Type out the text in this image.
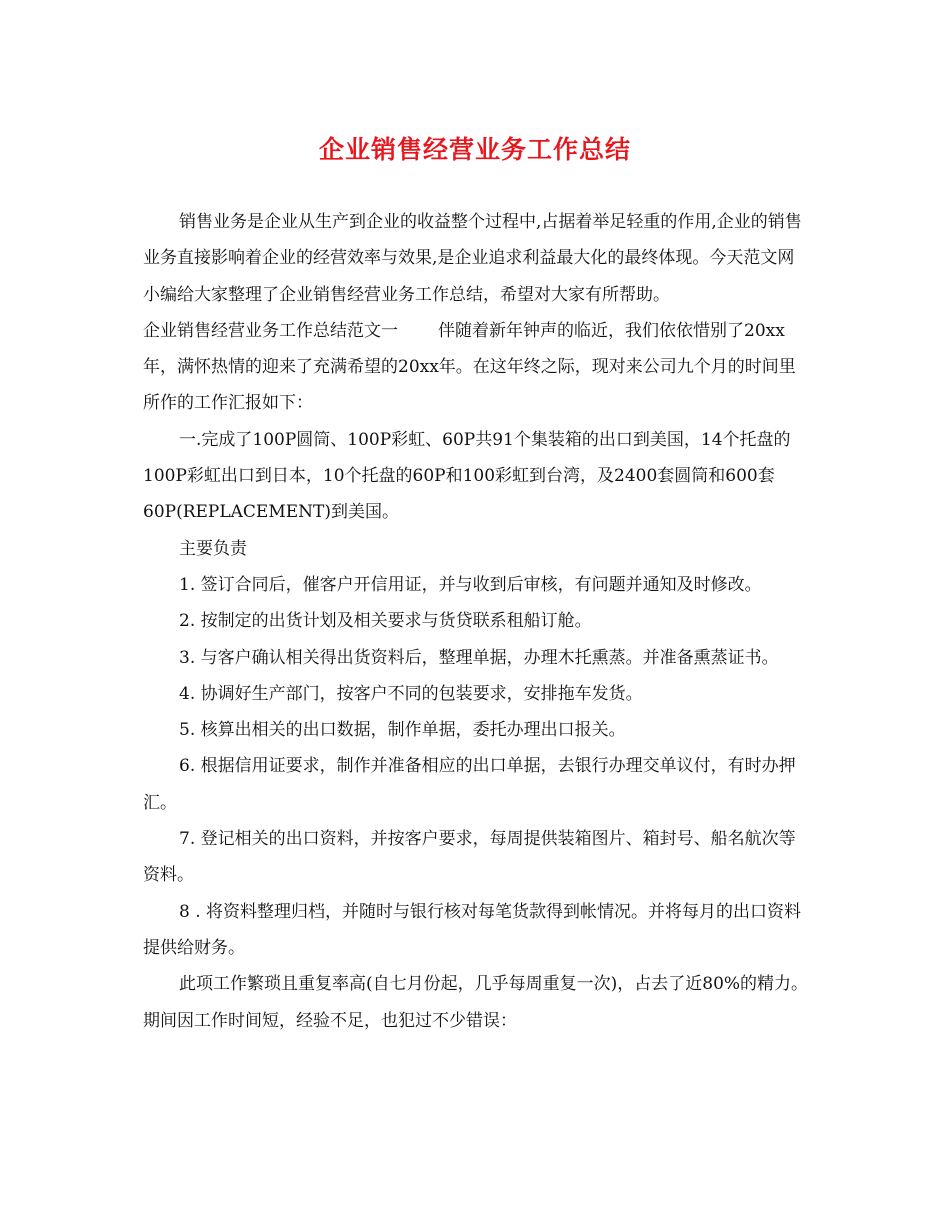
企业销售经营业务工作总结

销售业务是企业从生产到企业的收益整个过程中,占据着举足轻重的作用,企业的销售业务直接影响着企业的经营效率与效果,是企业追求利益最大化的最终体现。今天范文网小编给大家整理了企业销售经营业务工作总结，希望对大家有所帮助。

企业销售经营业务工作总结范文一 伴随着新年钟声的临近，我们依依惜别了20xx年，满怀热情的迎来了充满希望的20xx年。在这年终之际，现对来公司九个月的时间里所作的工作汇报如下：

一.完成了100P圆筒、100P彩虹、60P共91个集装箱的出口到美国，14个托盘的100P彩虹出口到日本，10个托盘的60P和100彩虹到台湾，及2400套圆筒和600套60P(REPLACEMENT)到美国。

主要负责

1. 签订合同后，催客户开信用证，并与收到后审核，有问题并通知及时修改。

2. 按制定的出货计划及相关要求与货贷联系租船订舱。

3. 与客户确认相关得出货资料后，整理单据，办理木托熏蒸。并准备熏蒸证书。

4. 协调好生产部门，按客户不同的包装要求，安排拖车发货。

5. 核算出相关的出口数据，制作单据，委托办理出口报关。

6. 根据信用证要求，制作并准备相应的出口单据，去银行办理交单议付，有时办押汇。

7. 登记相关的出口资料，并按客户要求，每周提供装箱图片、箱封号、船名航次等资料。

8 . 将资料整理归档，并随时与银行核对每笔货款得到帐情况。并将每月的出口资料提供给财务。

此项工作繁琐且重复率高(自七月份起，几乎每周重复一次)，占去了近80%的精力。期间因工作时间短，经验不足，也犯过不少错误：
